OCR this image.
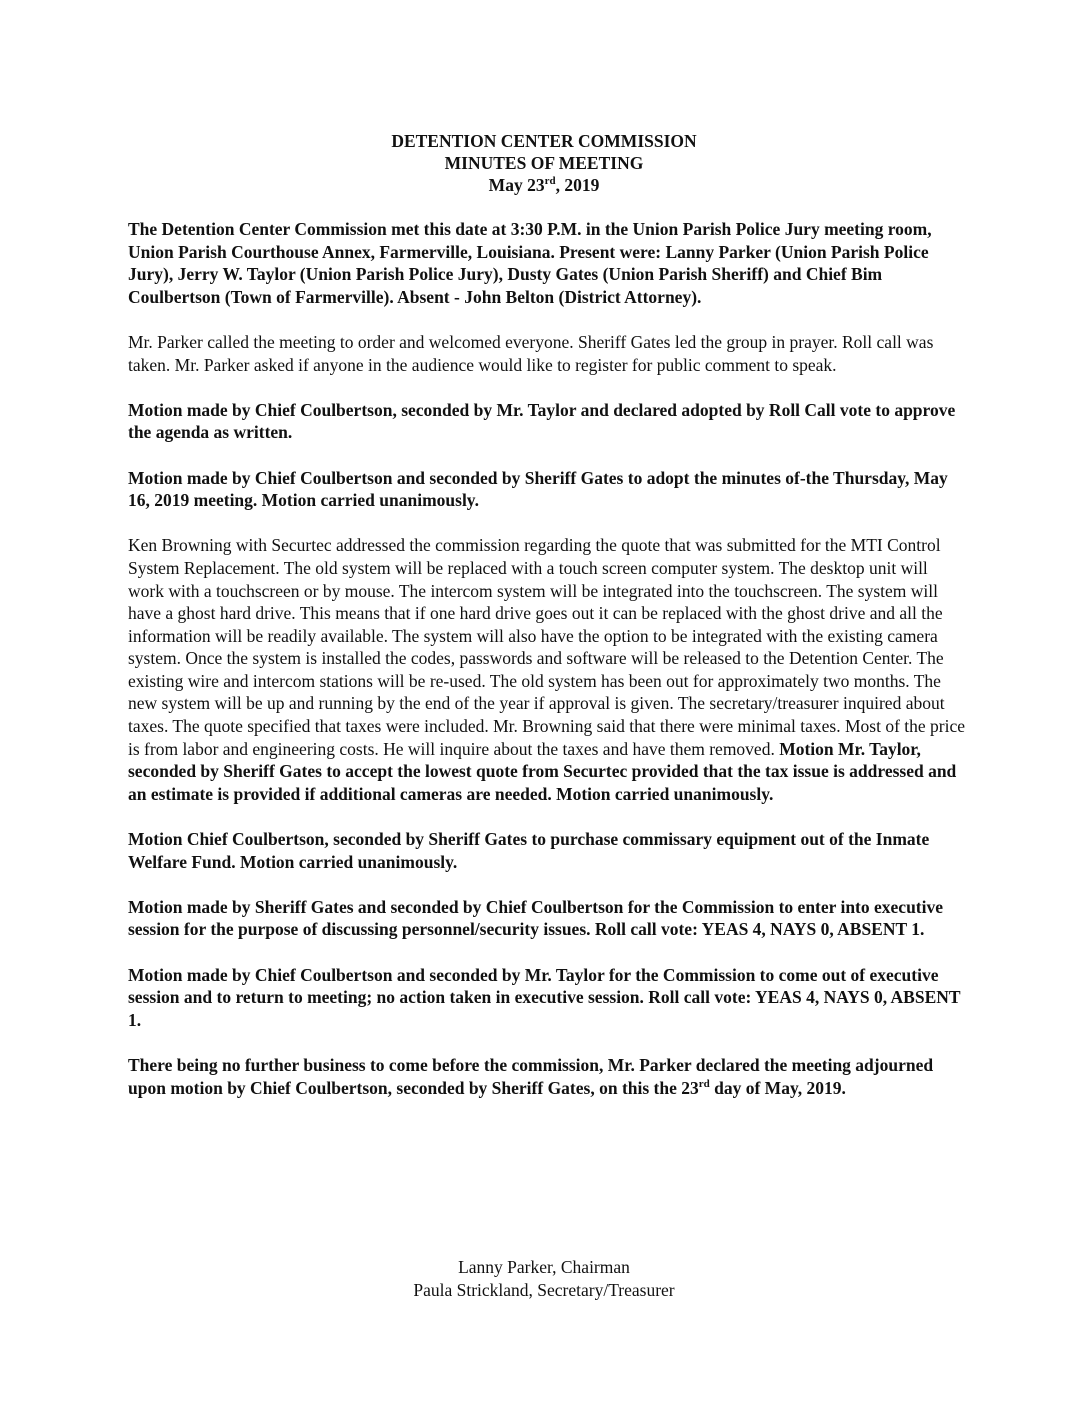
DETENTION CENTER COMMISSION
MINUTES OF MEETING
May 23rd, 2019

The Detention Center Commission met this date at 3:30 P.M. in the Union Parish Police Jury meeting room, Union Parish Courthouse Annex, Farmerville, Louisiana. Present were: Lanny Parker (Union Parish Police Jury), Jerry W. Taylor (Union Parish Police Jury), Dusty Gates (Union Parish Sheriff) and Chief Bim Coulbertson (Town of Farmerville). Absent - John Belton (District Attorney).

Mr. Parker called the meeting to order and welcomed everyone. Sheriff Gates led the group in prayer. Roll call was taken. Mr. Parker asked if anyone in the audience would like to register for public comment to speak.

Motion made by Chief Coulbertson, seconded by Mr. Taylor and declared adopted by Roll Call vote to approve the agenda as written.

Motion made by Chief Coulbertson and seconded by Sheriff Gates to adopt the minutes of-the Thursday, May 16, 2019 meeting. Motion carried unanimously.

Ken Browning with Securtec addressed the commission regarding the quote that was submitted for the MTI Control System Replacement. The old system will be replaced with a touch screen computer system. The desktop unit will work with a touchscreen or by mouse. The intercom system will be integrated into the touchscreen. The system will have a ghost hard drive. This means that if one hard drive goes out it can be replaced with the ghost drive and all the information will be readily available. The system will also have the option to be integrated with the existing camera system. Once the system is installed the codes, passwords and software will be released to the Detention Center. The existing wire and intercom stations will be re-used. The old system has been out for approximately two months. The new system will be up and running by the end of the year if approval is given. The secretary/treasurer inquired about taxes. The quote specified that taxes were included. Mr. Browning said that there were minimal taxes. Most of the price is from labor and engineering costs. He will inquire about the taxes and have them removed. Motion Mr. Taylor, seconded by Sheriff Gates to accept the lowest quote from Securtec provided that the tax issue is addressed and an estimate is provided if additional cameras are needed. Motion carried unanimously.

Motion Chief Coulbertson, seconded by Sheriff Gates to purchase commissary equipment out of the Inmate Welfare Fund. Motion carried unanimously.

Motion made by Sheriff Gates and seconded by Chief Coulbertson for the Commission to enter into executive session for the purpose of discussing personnel/security issues. Roll call vote: YEAS 4, NAYS 0, ABSENT 1.

Motion made by Chief Coulbertson and seconded by Mr. Taylor for the Commission to come out of executive session and to return to meeting; no action taken in executive session. Roll call vote: YEAS 4, NAYS 0, ABSENT 1.

There being no further business to come before the commission, Mr. Parker declared the meeting adjourned upon motion by Chief Coulbertson, seconded by Sheriff Gates, on this the 23rd day of May, 2019.

Lanny Parker, Chairman
Paula Strickland, Secretary/Treasurer
